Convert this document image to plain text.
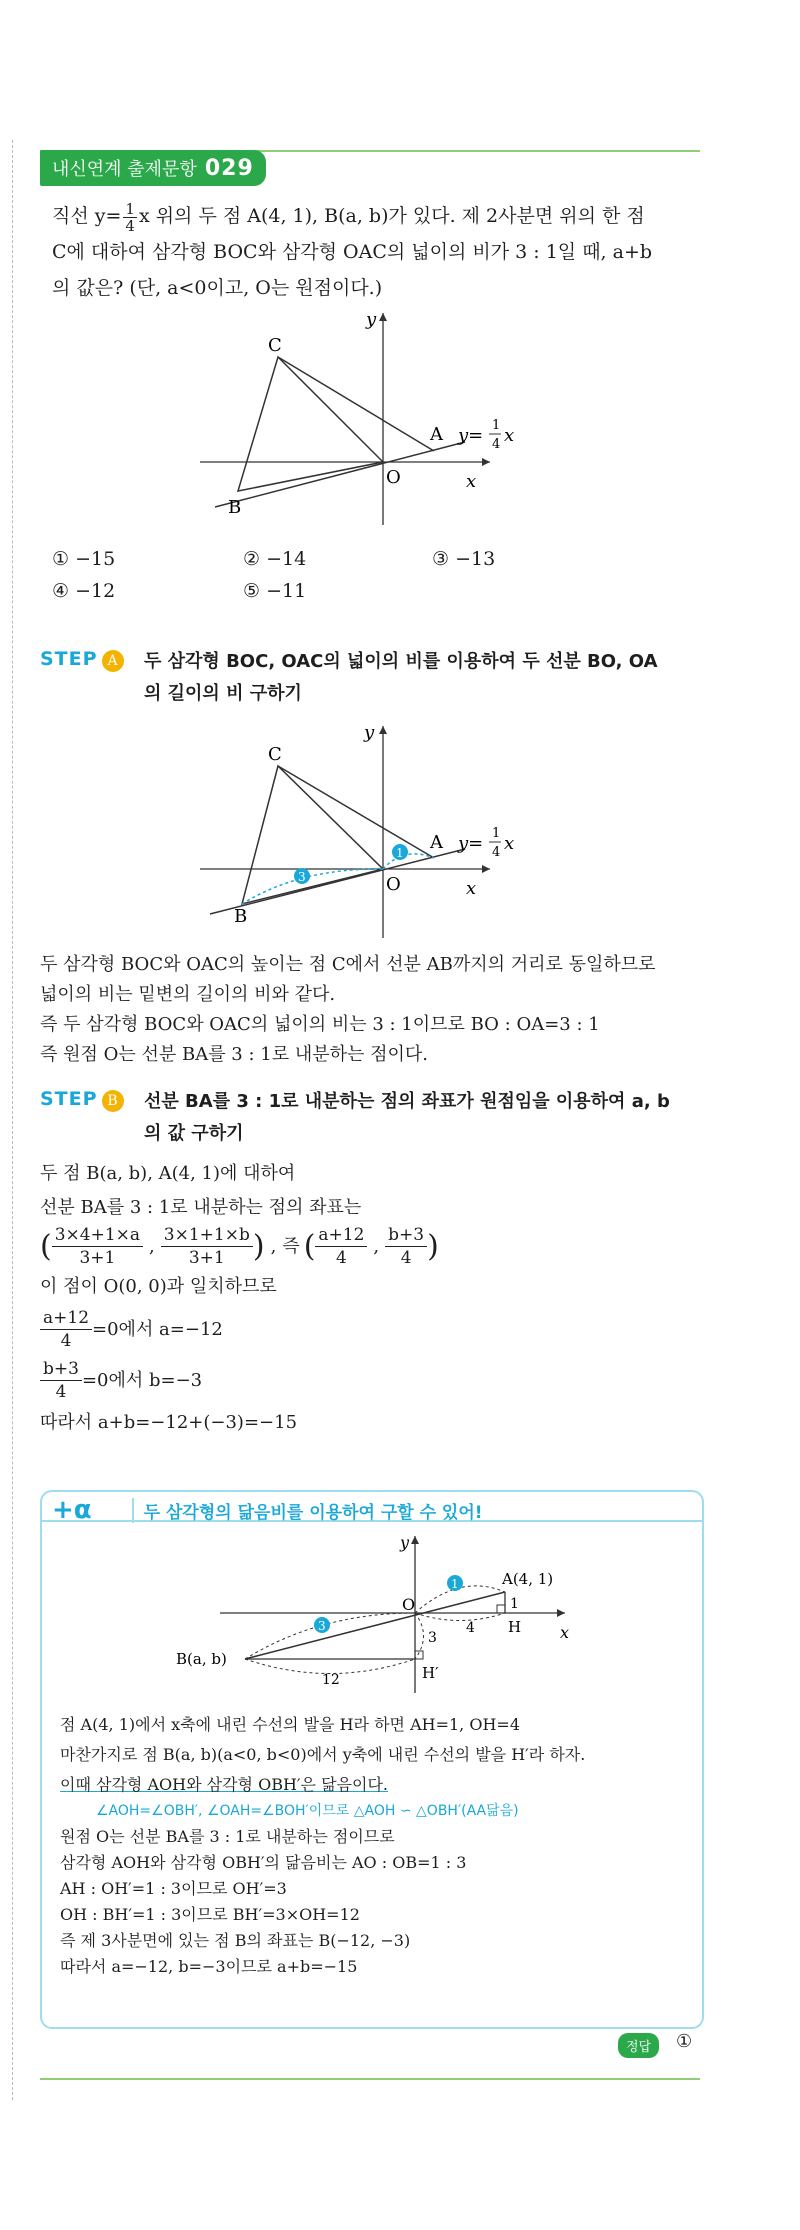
내신연계 출제문항 029
직선 $y= \frac{1}{4}$ x 위의 두 점 A(4, 1), B(a, b)가 있다. 제 2사분면 위의 한 점
C에 대하여 삼각형 BOC와 삼각형 OAC의 넓이의 비가 3 : 1일 때, a+b
의 값은? (단, a<0이고, O는 원점이다.)
C
B
A
O	x
y
y= 1
4 x
① −15	② −14	③ −13
④ −12	⑤ −11
STEP A	두 삼각형 BOC, OAC의 넓이의 비를 이용하여 두 선분 BO, OA
의 길이의 비 구하기
3
1
C
B
A
O	x
y
y= 1
4 x
두 삼각형 BOC와 OAC의 높이는 점 C에서 선분 AB까지의 거리로 동일하므로
넓이의 비는 밑변의 길이의 비와 같다.
즉 두 삼각형 BOC와 OAC의 넓이의 비는 3 : 1이므로 BO : OA=3 : 1
즉 원점 O는 선분 BA를 3 : 1로 내분하는 점이다.
STEP B	선분 BA를 3 : 1로 내분하는 점의 좌표가 원점임을 이용하여 a, b
의 값 구하기
두 점 B(a, b), A(4, 1)에 대하여
선분 BA를 3 : 1로 내분하는 점의 좌표는
( 3×4+1×a
3+1
,
3×1+1×b
3+1 ) , 즉 ( a+12
4
,
b+3
4 )
이 점이 O(0, 0)과 일치하므로
$\frac{a+12}{4} =0$에서 a=−12
$\frac{b+3}{4} =0$에서 b=−3
따라서 a+b=−12+(−3)=−15
+α	두 삼각형의 닮음비를 이용하여 구할 수 있어!
1
3
y
x
O
A(4, 1)
1
H
4
3
12	H′
B(a, b)
점 A(4, 1)에서 x축에 내린 수선의 발을 H라 하면 AH=1, OH=4
마찬가지로 점 B(a, b)(a<0, b<0)에서 y축에 내린 수선의 발을 H′라 하자.
이때 삼각형 AOH와 삼각형 OBH′은 닮음이다.
∠AOH=∠OBH′, ∠OAH=∠BOH′이므로 △AOH ∽ △OBH′(AA닮음)
원점 O는 선분 BA를 3 : 1로 내분하는 점이므로
삼각형 AOH와 삼각형 OBH′의 닮음비는 AO : OB=1 : 3
AH : OH′=1 : 3이므로 OH′=3
OH : BH′=1 : 3이므로 BH′=3×OH=12
즉 제 3사분면에 있는 점 B의 좌표는 B(−12, −3)
따라서 a=−12, b=−3이므로 a+b=−15
정답	①
